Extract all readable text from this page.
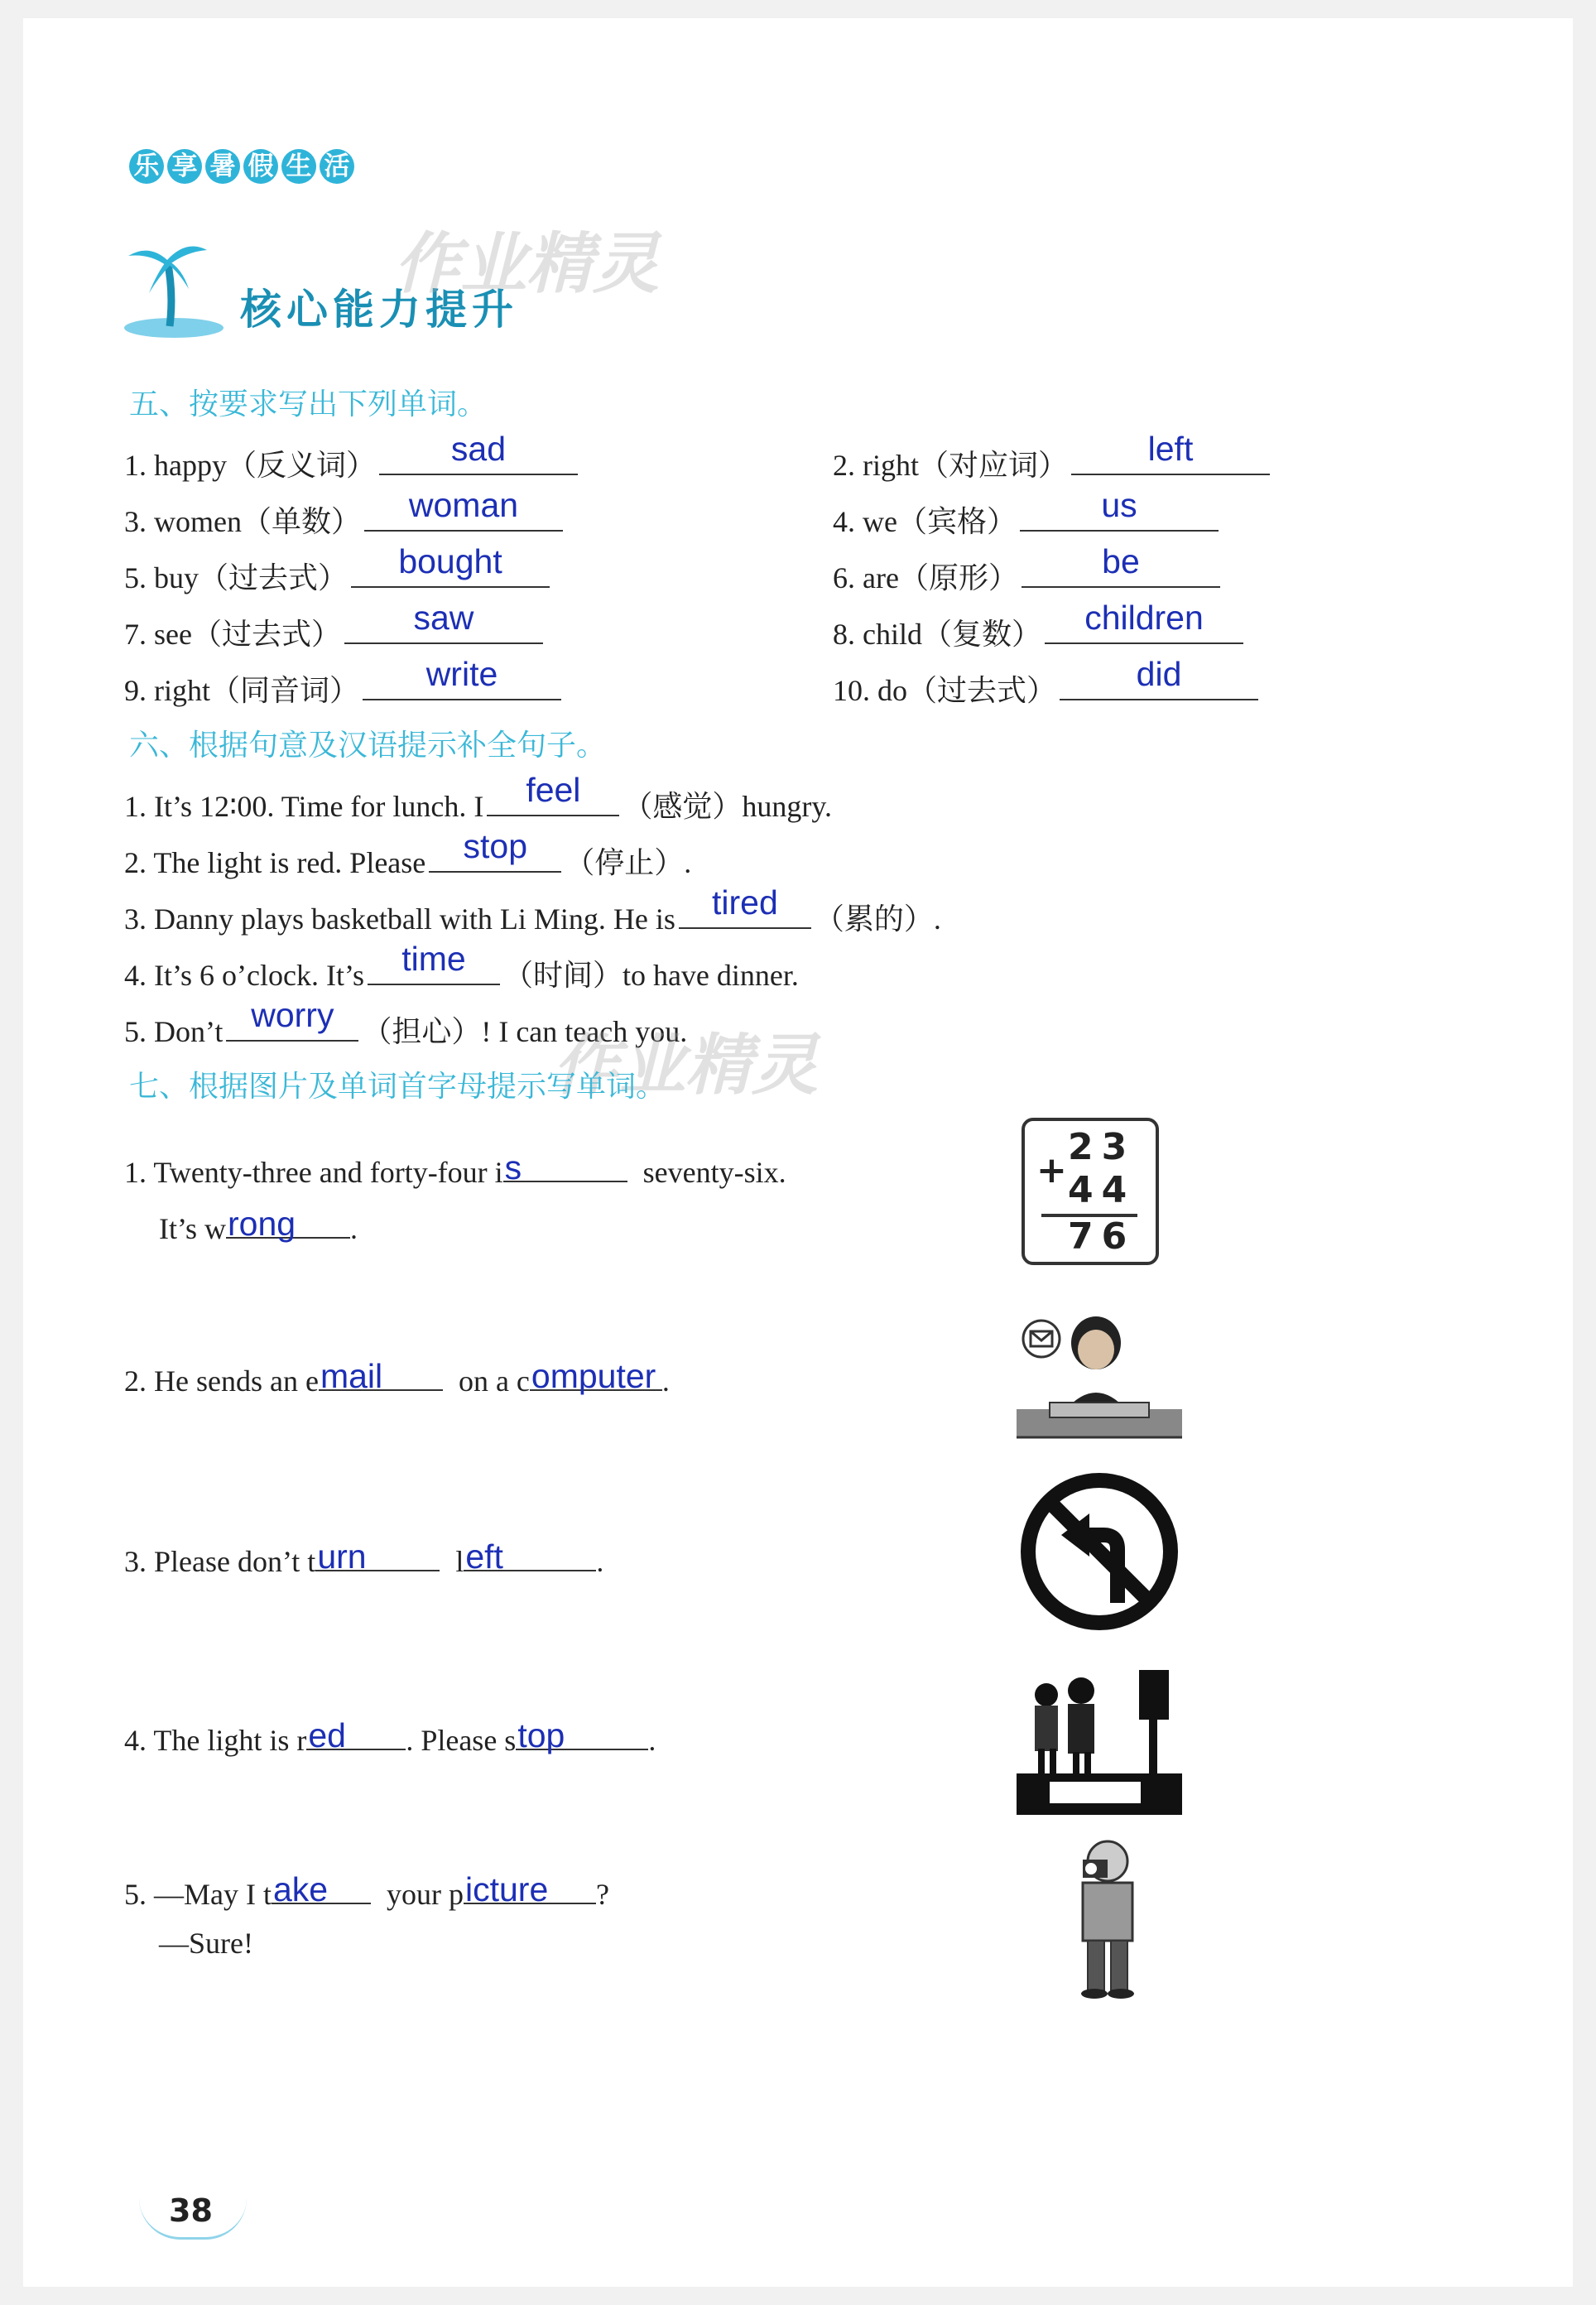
乐 享 暑 假 生 活
核心能力提升
作业精灵
五、按要求写出下列单词。
1. happy（反义词）	sad	2. right（对应词）	left
3. women（单数）	woman	4. we（宾格）	us
5. buy（过去式）	bought	6. are（原形）	be
7. see（过去式）	saw	8. child（复数）	children
9. right（同音词）	write	10. do（过去式）	did
六、根据句意及汉语提示补全句子。
1. It’s 12∶00. Time for lunch. I	feel	（感觉）hungry.
2. The light is red. Please	stop	（停止）.
3. Danny plays basketball with Li Ming. He is	tired	（累的）.
4. It’s 6 o’clock. It’s	time	（时间）to have dinner.
5. Don’t worry （担心）! I can teach you.
作业精灵
七、根据图片及单词首字母提示写单词。
1. Twenty-three and forty-four i s	seventy-six.
It’s w rong .
23
+
44
76
2. He sends an e mail	on a c omputer .
3. Please don’t t urn	l eft	.
4. The light is r ed . Please s top	.
5. —May I t ake your p icture ?
—Sure!
38
